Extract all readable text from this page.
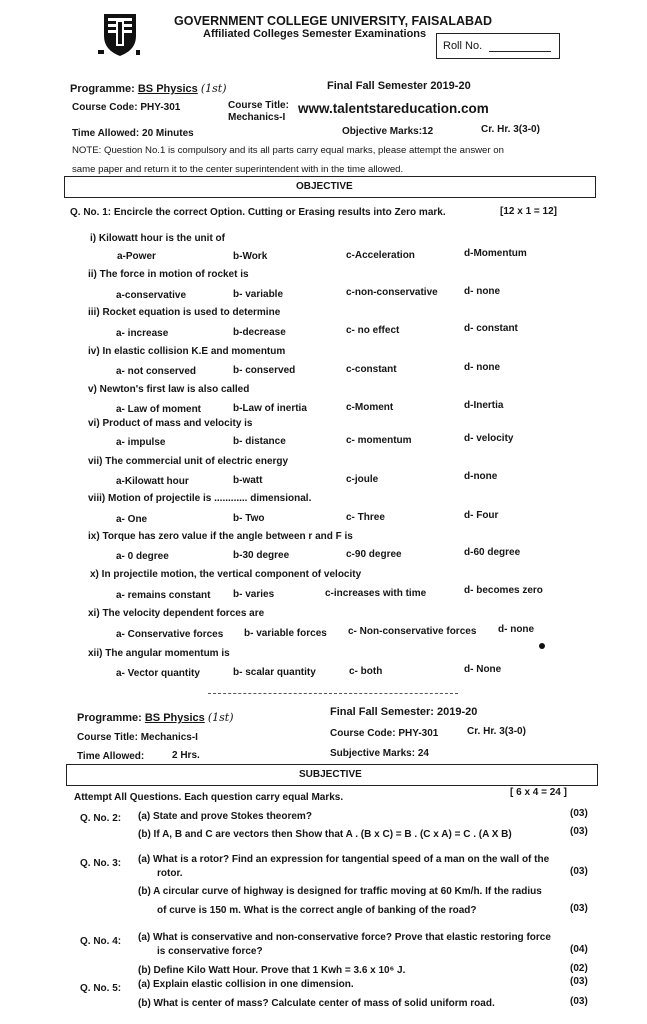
GOVERNMENT COLLEGE UNIVERSITY, FAISALABAD
Affiliated Colleges Semester Examinations
Roll No.
Programme: BS Physics (1st)	Final Fall Semester 2019-20
Course Code: PHY-301	Course Title:
Mechanics-I
www.talentstareducation.com
Time Allowed: 20 Minutes	Objective Marks:12	Cr. Hr. 3(3-0)
NOTE: Question No.1 is compulsory and its all parts carry equal marks, please attempt the answer on
same paper and return it to the center superintendent with in the time allowed.
OBJECTIVE
Q. No. 1: Encircle the correct Option. Cutting or Erasing results into Zero mark.	[12 x 1 = 12]
i) Kilowatt hour is the unit of
a-Power	b-Work	c-Acceleration	d-Momentum
ii) The force in motion of rocket is
a-conservative	b- variable	c-non-conservative	d- none
iii) Rocket equation is used to determine
a- increase	b-decrease	c- no effect	d- constant
iv) In elastic collision K.E and momentum
a- not conserved	b- conserved	c-constant	d- none
v) Newton's first law is also called
a- Law of moment	b-Law of inertia	c-Moment	d-Inertia
vi) Product of mass and velocity is
a- impulse	b- distance	c- momentum	d- velocity
vii) The commercial unit of electric energy
a-Kilowatt hour	b-watt	c-joule	d-none
viii) Motion of projectile is ............ dimensional.
a- One	b- Two	c- Three	d- Four
ix) Torque has zero value if the angle between r and F is
a- 0 degree	b-30 degree	c-90 degree	d-60 degree
x) In projectile motion, the vertical component of velocity
a- remains constant b- varies	c-increases with time	d- becomes zero
xi) The velocity dependent forces are
a- Conservative forces b- variable forces c- Non-conservative forces d- none
xii) The angular momentum is
a- Vector quantity	b- scalar quantity	c- both	d- None
Programme: BS Physics (1st)	Final Fall Semester: 2019-20
Course Title: Mechanics-I	Course Code: PHY-301	Cr. Hr. 3(3-0)
Time Allowed:	2 Hrs.	Subjective Marks: 24
SUBJECTIVE
Attempt All Questions. Each question carry equal Marks.	[ 6 x 4 = 24 ]
Q. No. 2: (a) State and prove Stokes theorem?	(03)
(b) If A, B and C are vectors then Show that A . (B x C) = B . (C x A) = C . (A X B)	(03)
Q. No. 3: (a) What is a rotor? Find an expression for tangential speed of a man on the wall of the
rotor.	(03)
(b) A circular curve of highway is designed for traffic moving at 60 Km/h. If the radius
of curve is 150 m. What is the correct angle of banking of the road?	(03)
Q. No. 4: (a) What is conservative and non-conservative force? Prove that elastic restoring force
is conservative force?	(04)
(b) Define Kilo Watt Hour. Prove that 1 Kwh = 3.6 x 10⁶ J.	(02)
Q. No. 5: (a) Explain elastic collision in one dimension.	(03)
(b) What is center of mass? Calculate center of mass of solid uniform road.	(03)
